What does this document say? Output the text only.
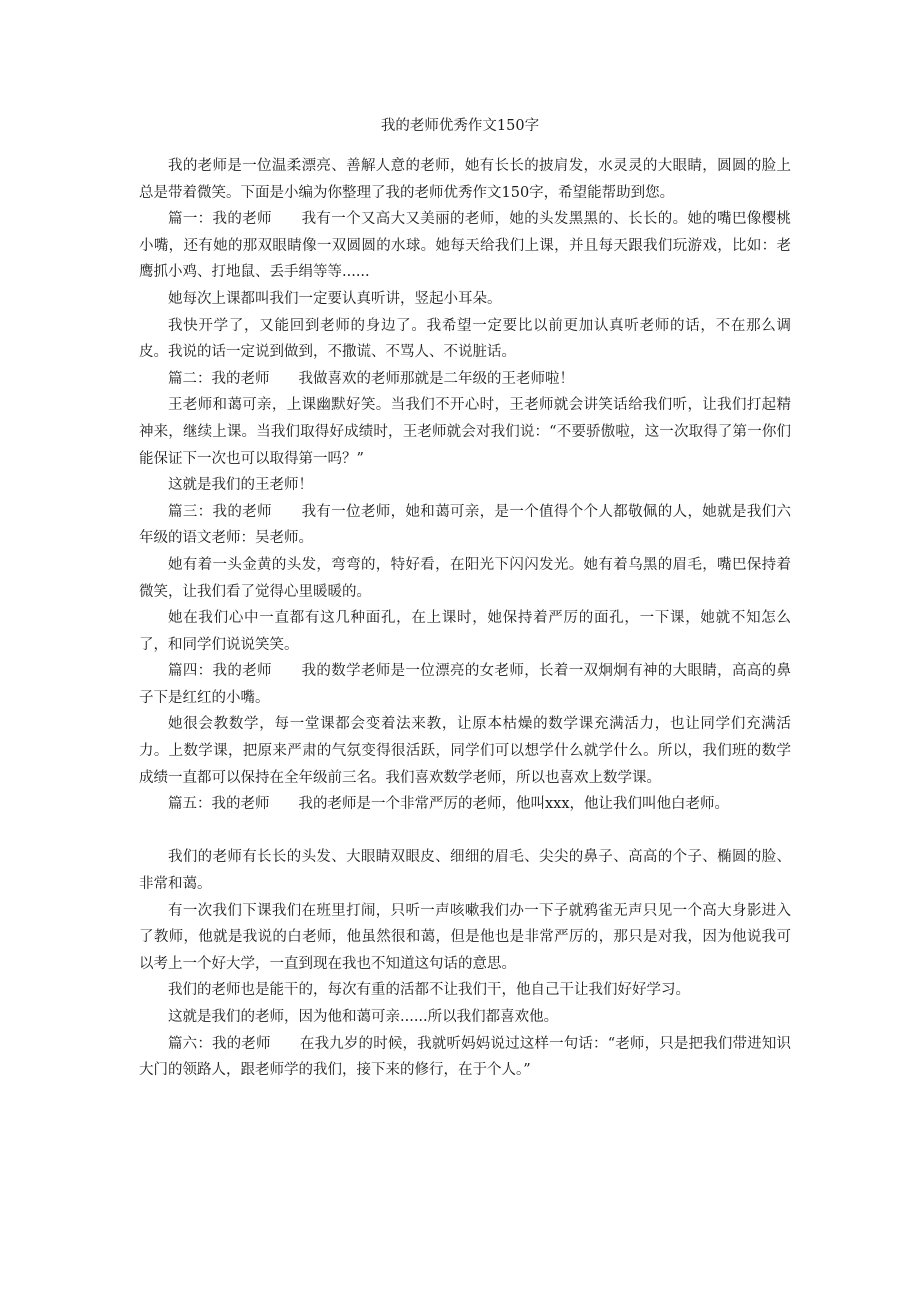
我的老师优秀作文150字

我的老师是一位温柔漂亮、善解人意的老师，她有长长的披肩发，水灵灵的大眼睛，圆圆的脸上总是带着微笑。下面是小编为你整理了我的老师优秀作文150字，希望能帮助到您。

篇一：我的老师　　我有一个又高大又美丽的老师，她的头发黑黑的、长长的。她的嘴巴像樱桃小嘴，还有她的那双眼睛像一双圆圆的水球。她每天给我们上课，并且每天跟我们玩游戏，比如：老鹰抓小鸡、打地鼠、丢手绢等等......

她每次上课都叫我们一定要认真听讲，竖起小耳朵。

我快开学了，又能回到老师的身边了。我希望一定要比以前更加认真听老师的话，不在那么调皮。我说的话一定说到做到，不撒谎、不骂人、不说脏话。

篇二：我的老师　　我做喜欢的老师那就是二年级的王老师啦！

王老师和蔼可亲，上课幽默好笑。当我们不开心时，王老师就会讲笑话给我们听，让我们打起精神来，继续上课。当我们取得好成绩时，王老师就会对我们说：“不要骄傲啦，这一次取得了第一你们能保证下一次也可以取得第一吗？”

这就是我们的王老师！

篇三：我的老师　　我有一位老师，她和蔼可亲，是一个值得个个人都敬佩的人，她就是我们六年级的语文老师：吴老师。

她有着一头金黄的头发，弯弯的，特好看，在阳光下闪闪发光。她有着乌黑的眉毛，嘴巴保持着微笑，让我们看了觉得心里暖暖的。

她在我们心中一直都有这几种面孔，在上课时，她保持着严厉的面孔，一下课，她就不知怎么了，和同学们说说笑笑。

篇四：我的老师　　我的数学老师是一位漂亮的女老师，长着一双炯炯有神的大眼睛，高高的鼻子下是红红的小嘴。

她很会教数学，每一堂课都会变着法来教，让原本枯燥的数学课充满活力，也让同学们充满活力。上数学课，把原来严肃的气氛变得很活跃，同学们可以想学什么就学什么。所以，我们班的数学成绩一直都可以保持在全年级前三名。我们喜欢数学老师，所以也喜欢上数学课。

篇五：我的老师　　我的老师是一个非常严厉的老师，他叫xxx，他让我们叫他白老师。

我们的老师有长长的头发、大眼睛双眼皮、细细的眉毛、尖尖的鼻子、高高的个子、椭圆的脸、非常和蔼。

有一次我们下课我们在班里打闹，只听一声咳嗽我们办一下子就鸦雀无声只见一个高大身影进入了教师，他就是我说的白老师，他虽然很和蔼，但是他也是非常严厉的，那只是对我，因为他说我可以考上一个好大学，一直到现在我也不知道这句话的意思。

我们的老师也是能干的，每次有重的活都不让我们干，他自己干让我们好好学习。

这就是我们的老师，因为他和蔼可亲......所以我们都喜欢他。

篇六：我的老师　　在我九岁的时候，我就听妈妈说过这样一句话：“老师，只是把我们带进知识大门的领路人，跟老师学的我们，接下来的修行，在于个人。”
